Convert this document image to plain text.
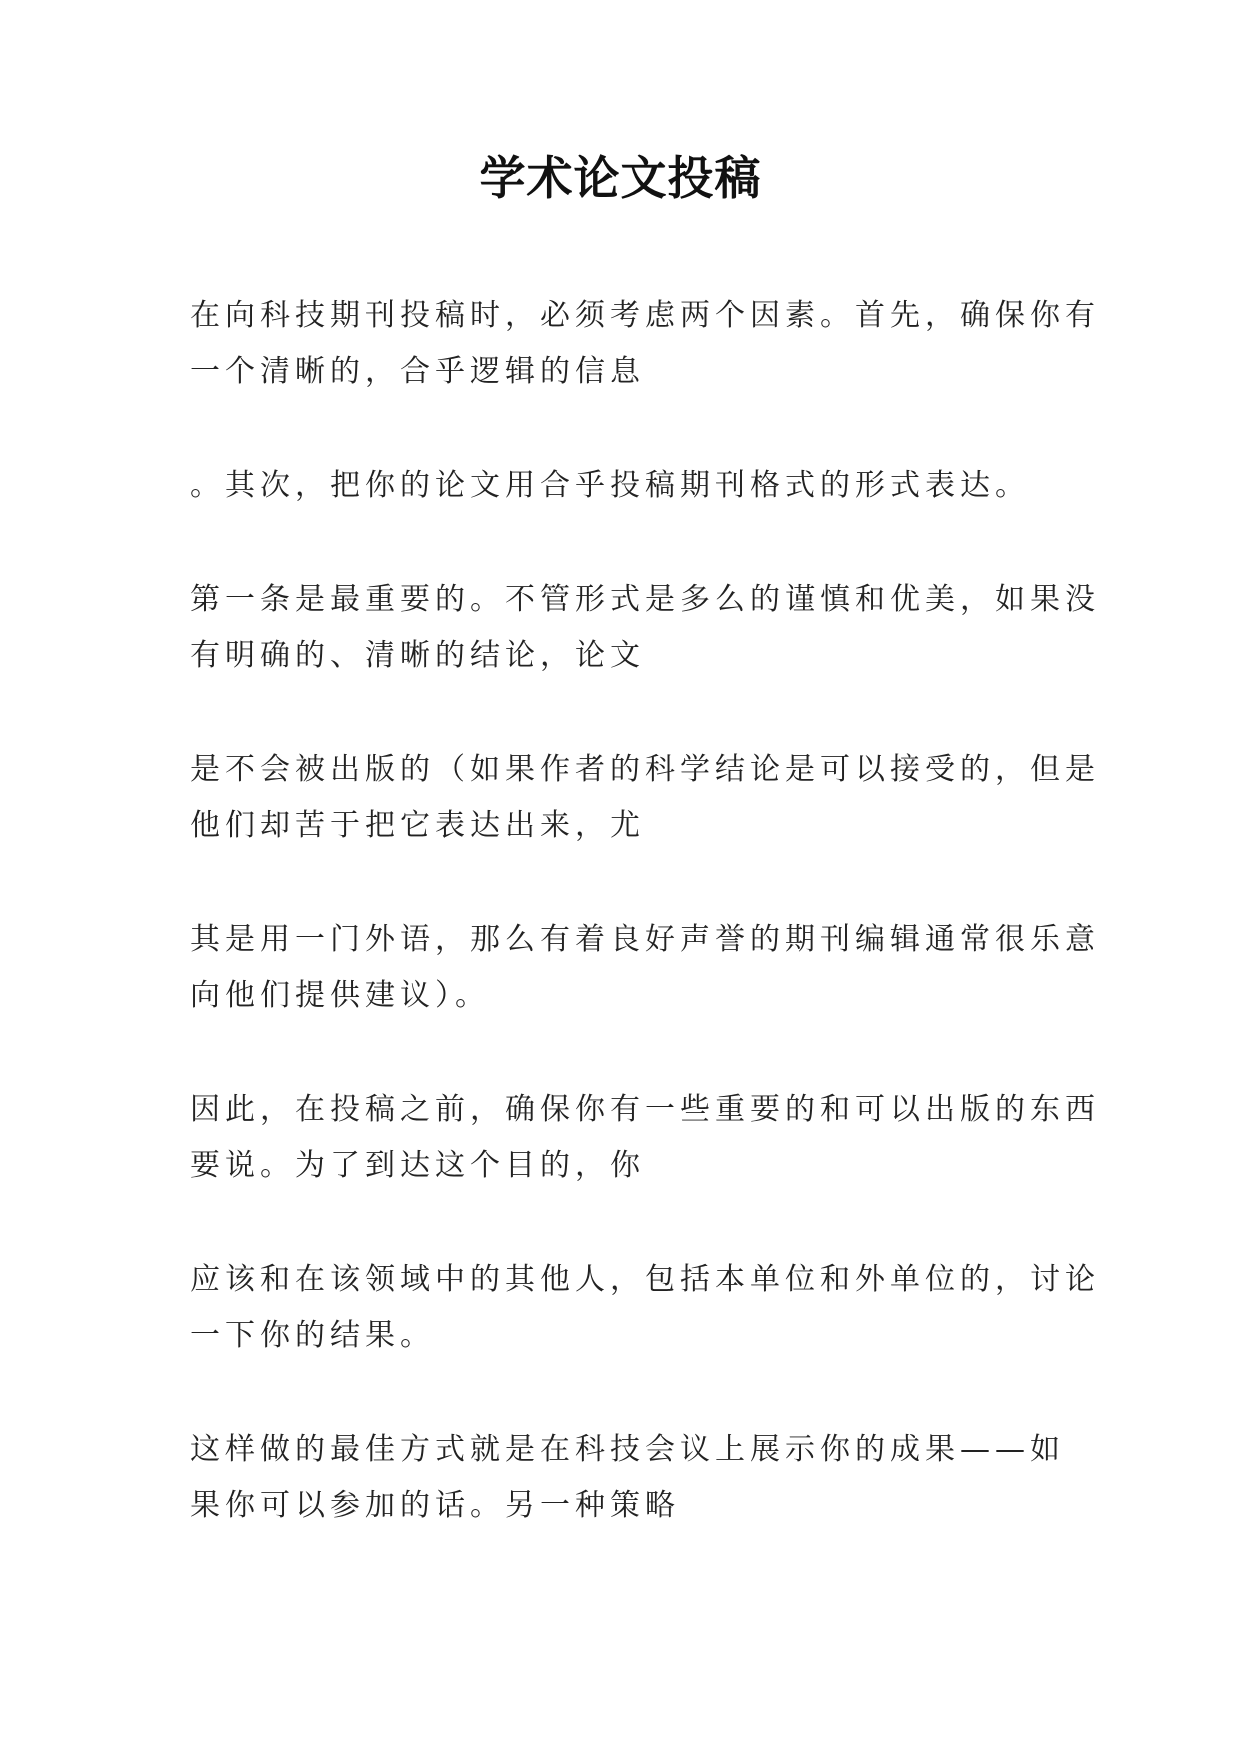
学术论文投稿

在向科技期刊投稿时，必须考虑两个因素。首先，确保你有
一个清晰的，合乎逻辑的信息

。其次，把你的论文用合乎投稿期刊格式的形式表达。

第一条是最重要的。不管形式是多么的谨慎和优美，如果没
有明确的、清晰的结论，论文

是不会被出版的（如果作者的科学结论是可以接受的，但是
他们却苦于把它表达出来，尤

其是用一门外语，那么有着良好声誉的期刊编辑通常很乐意
向他们提供建议）。

因此，在投稿之前，确保你有一些重要的和可以出版的东西
要说。为了到达这个目的，你

应该和在该领域中的其他人，包括本单位和外单位的，讨论
一下你的结果。

这样做的最佳方式就是在科技会议上展示你的成果——如
果你可以参加的话。另一种策略
